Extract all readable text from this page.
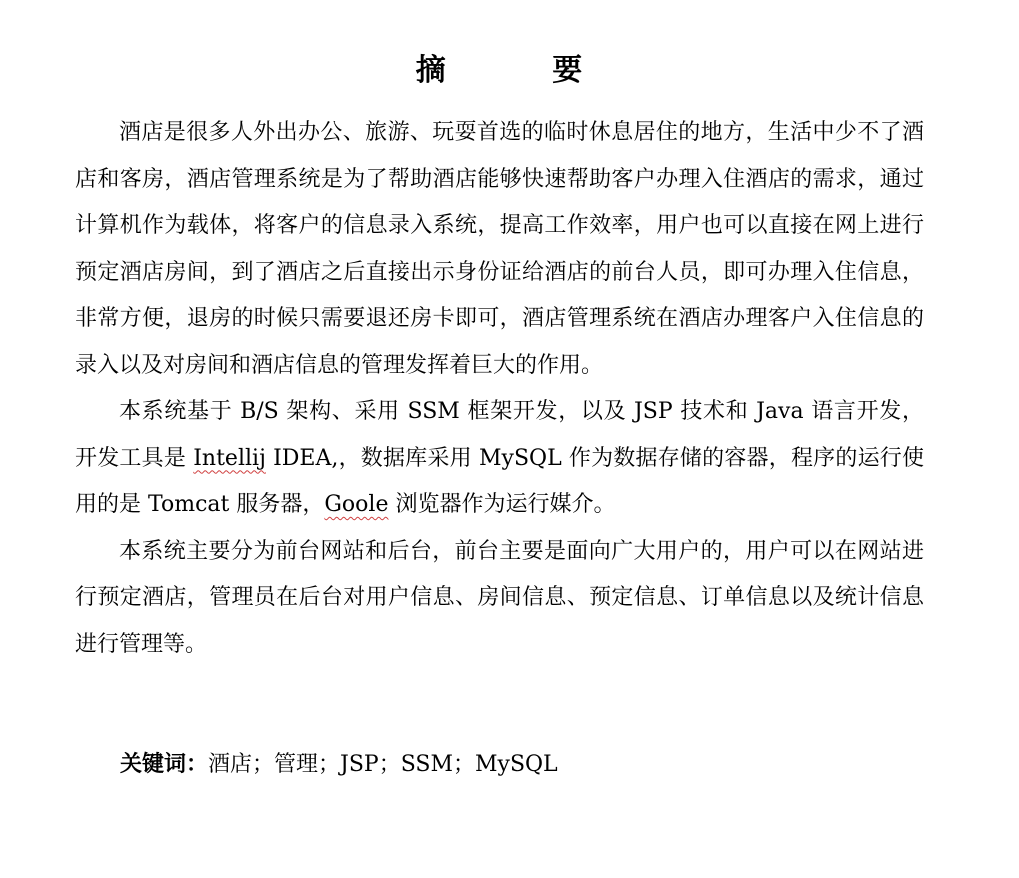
摘 要

酒店是很多人外出办公、旅游、玩耍首选的临时休息居住的地方，生活中少不了酒店和客房，酒店管理系统是为了帮助酒店能够快速帮助客户办理入住酒店的需求，通过计算机作为载体，将客户的信息录入系统，提高工作效率，用户也可以直接在网上进行预定酒店房间，到了酒店之后直接出示身份证给酒店的前台人员，即可办理入住信息，非常方便，退房的时候只需要退还房卡即可，酒店管理系统在酒店办理客户入住信息的录入以及对房间和酒店信息的管理发挥着巨大的作用。

本系统基于 B/S 架构、采用 SSM 框架开发，以及 JSP 技术和 Java 语言开发，开发工具是 Intellij IDEA,，数据库采用 MySQL 作为数据存储的容器，程序的运行使用的是 Tomcat 服务器，Goole 浏览器作为运行媒介。

本系统主要分为前台网站和后台，前台主要是面向广大用户的，用户可以在网站进行预定酒店，管理员在后台对用户信息、房间信息、预定信息、订单信息以及统计信息进行管理等。

关键词：酒店；管理；JSP；SSM；MySQL
